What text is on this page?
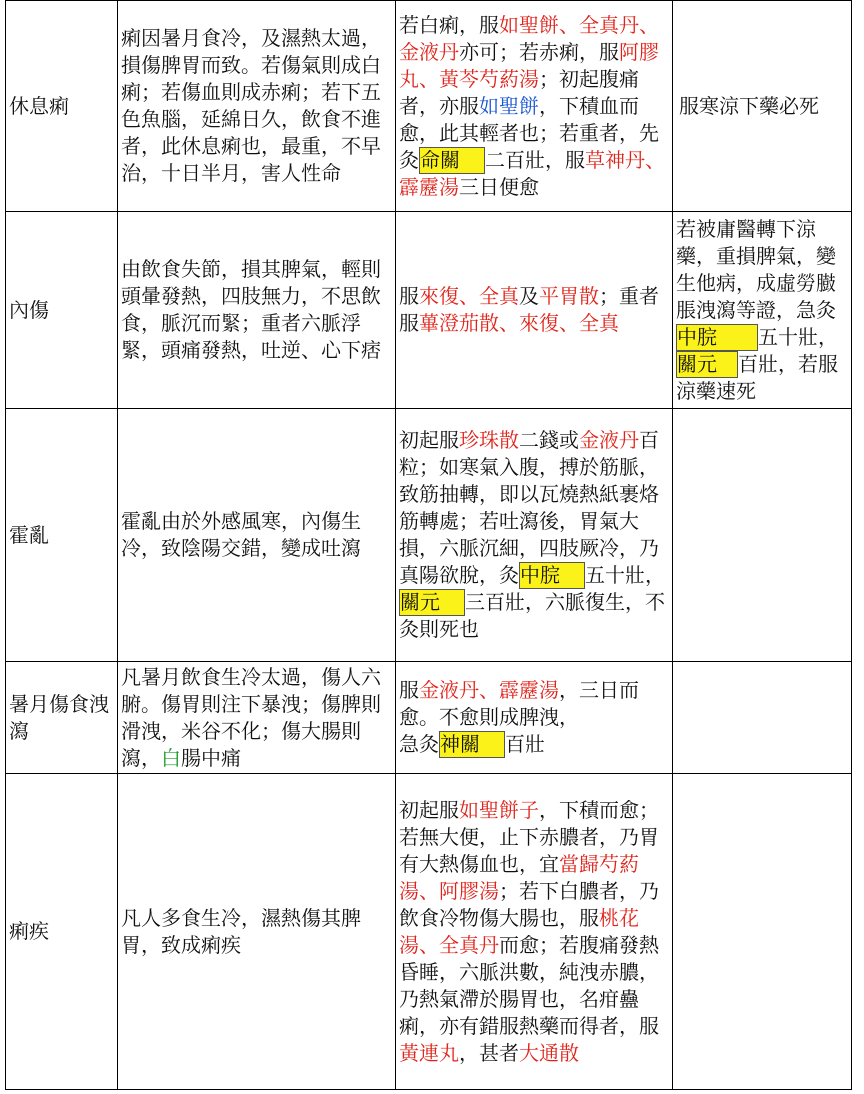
休息痢	痢因暑月食冷，及濕熱太過，損傷脾胃而致。若傷氣則成白痢；若傷血則成赤痢；若下五色魚腦，延綿日久，飲食不進者，此休息痢也，最重，不早治，十日半月，害人性命	若白痢，服如聖餅、全真丹、金液丹亦可；若赤痢，服阿膠丸、黃芩芍葯湯；初起腹痛者，亦服如聖餅，下積血而愈，此其輕者也；若重者，先灸命關 二百壯，服草神丹、霹靂湯三日便愈	服寒涼下藥必死
內傷	由飲食失節，損其脾氣，輕則頭暈發熱，四肢無力，不思飲食，脈沉而緊；重者六脈浮緊，頭痛發熱，吐逆、心下痞	服來復、全真及平胃散；重者服蓽澄茄散、來復、全真	若被庸醫轉下涼藥，重損脾氣，變生他病，成虛勞臌脹洩瀉等證，急灸中脘 五十壯，關元 百壯，若服涼藥速死
霍亂	霍亂由於外感風寒，內傷生冷，致陰陽交錯，變成吐瀉	初起服珍珠散二錢或金液丹百粒；如寒氣入腹，搏於筋脈，致筋抽轉，即以瓦燒熱紙裹烙筋轉處；若吐瀉後，胃氣大損，六脈沉細，四肢厥冷，乃真陽欲脫，灸中脘 五十壯，關元 三百壯，六脈復生，不灸則死也	
暑月傷食洩瀉	凡暑月飲食生冷太過，傷人六腑。傷胃則注下暴洩；傷脾則滑洩，米谷不化；傷大腸則瀉，白腸中痛	服金液丹、霹靂湯，三日而愈。不愈則成脾洩，
急灸神關 百壯	
痢疾	凡人多食生冷，濕熱傷其脾胃，致成痢疾	初起服如聖餅子，下積而愈；若無大便，止下赤膿者，乃胃有大熱傷血也，宜當歸芍葯湯、阿膠湯；若下白膿者，乃飲食冷物傷大腸也，服桃花湯、全真丹而愈；若腹痛發熱昏睡，六脈洪數，純洩赤膿，乃熱氣滯於腸胃也，名疳蠱痢，亦有錯服熱藥而得者，服黃連丸，甚者大通散	
